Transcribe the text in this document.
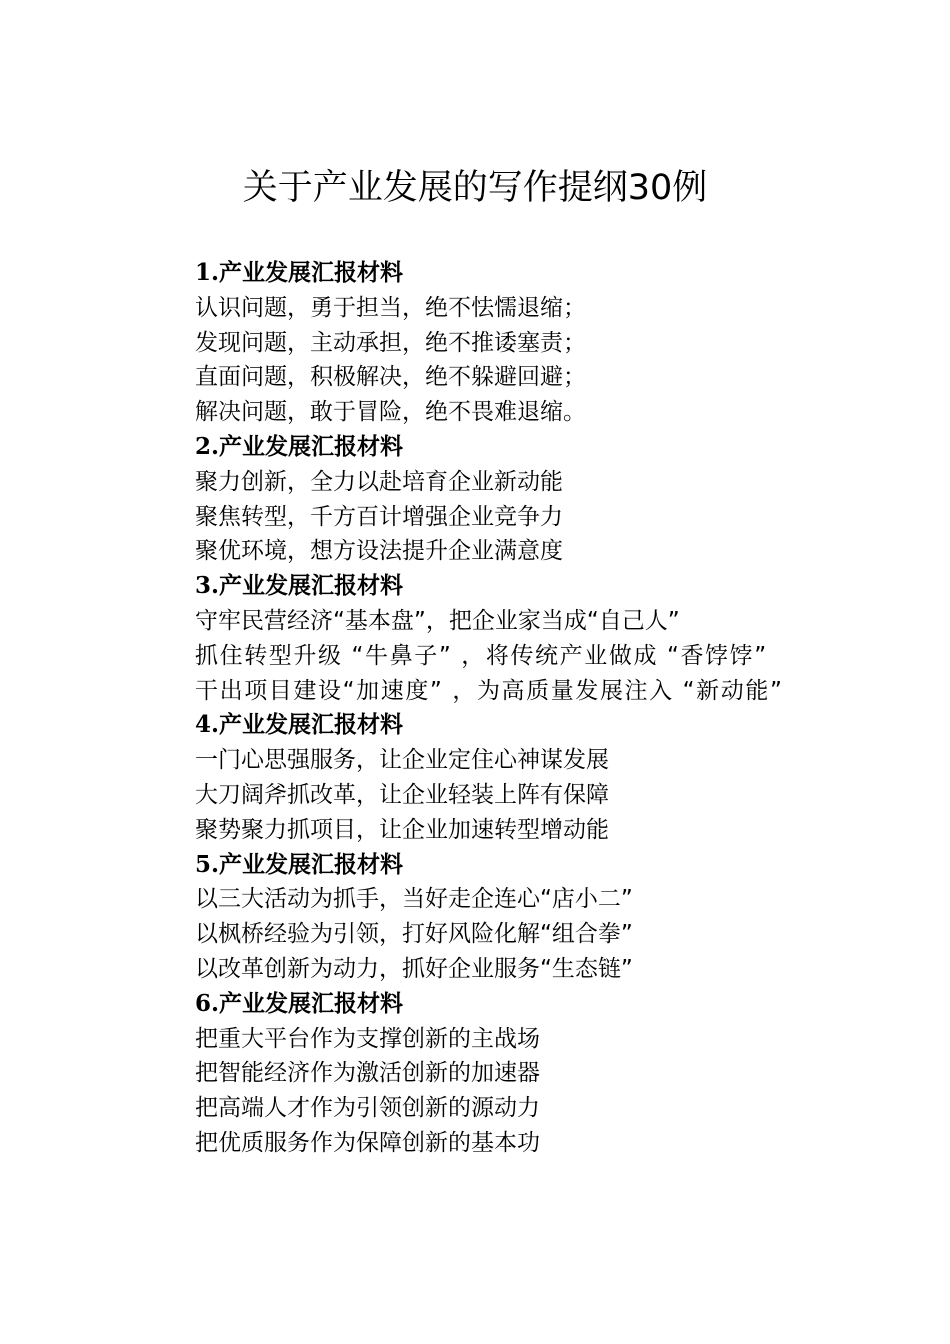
关于产业发展的写作提纲30例

1.产业发展汇报材料

认识问题，勇于担当，绝不怯懦退缩；

发现问题，主动承担，绝不推诿塞责；

直面问题，积极解决，绝不躲避回避；

解决问题，敢于冒险，绝不畏难退缩。

2.产业发展汇报材料

聚力创新，全力以赴培育企业新动能

聚焦转型，千方百计增强企业竞争力

聚优环境，想方设法提升企业满意度

3.产业发展汇报材料

守牢民营经济“基本盘”，把企业家当成“自己人”

抓住转型升级 “牛鼻子” ，将传统产业做成 “香饽饽”

干出项目建设“加速度” ，为高质量发展注入 “新动能”

4.产业发展汇报材料

一门心思强服务，让企业定住心神谋发展

大刀阔斧抓改革，让企业轻装上阵有保障

聚势聚力抓项目，让企业加速转型增动能

5.产业发展汇报材料

以三大活动为抓手，当好走企连心“店小二”

以枫桥经验为引领，打好风险化解“组合拳”

以改革创新为动力，抓好企业服务“生态链”

6.产业发展汇报材料

把重大平台作为支撑创新的主战场

把智能经济作为激活创新的加速器

把高端人才作为引领创新的源动力

把优质服务作为保障创新的基本功
